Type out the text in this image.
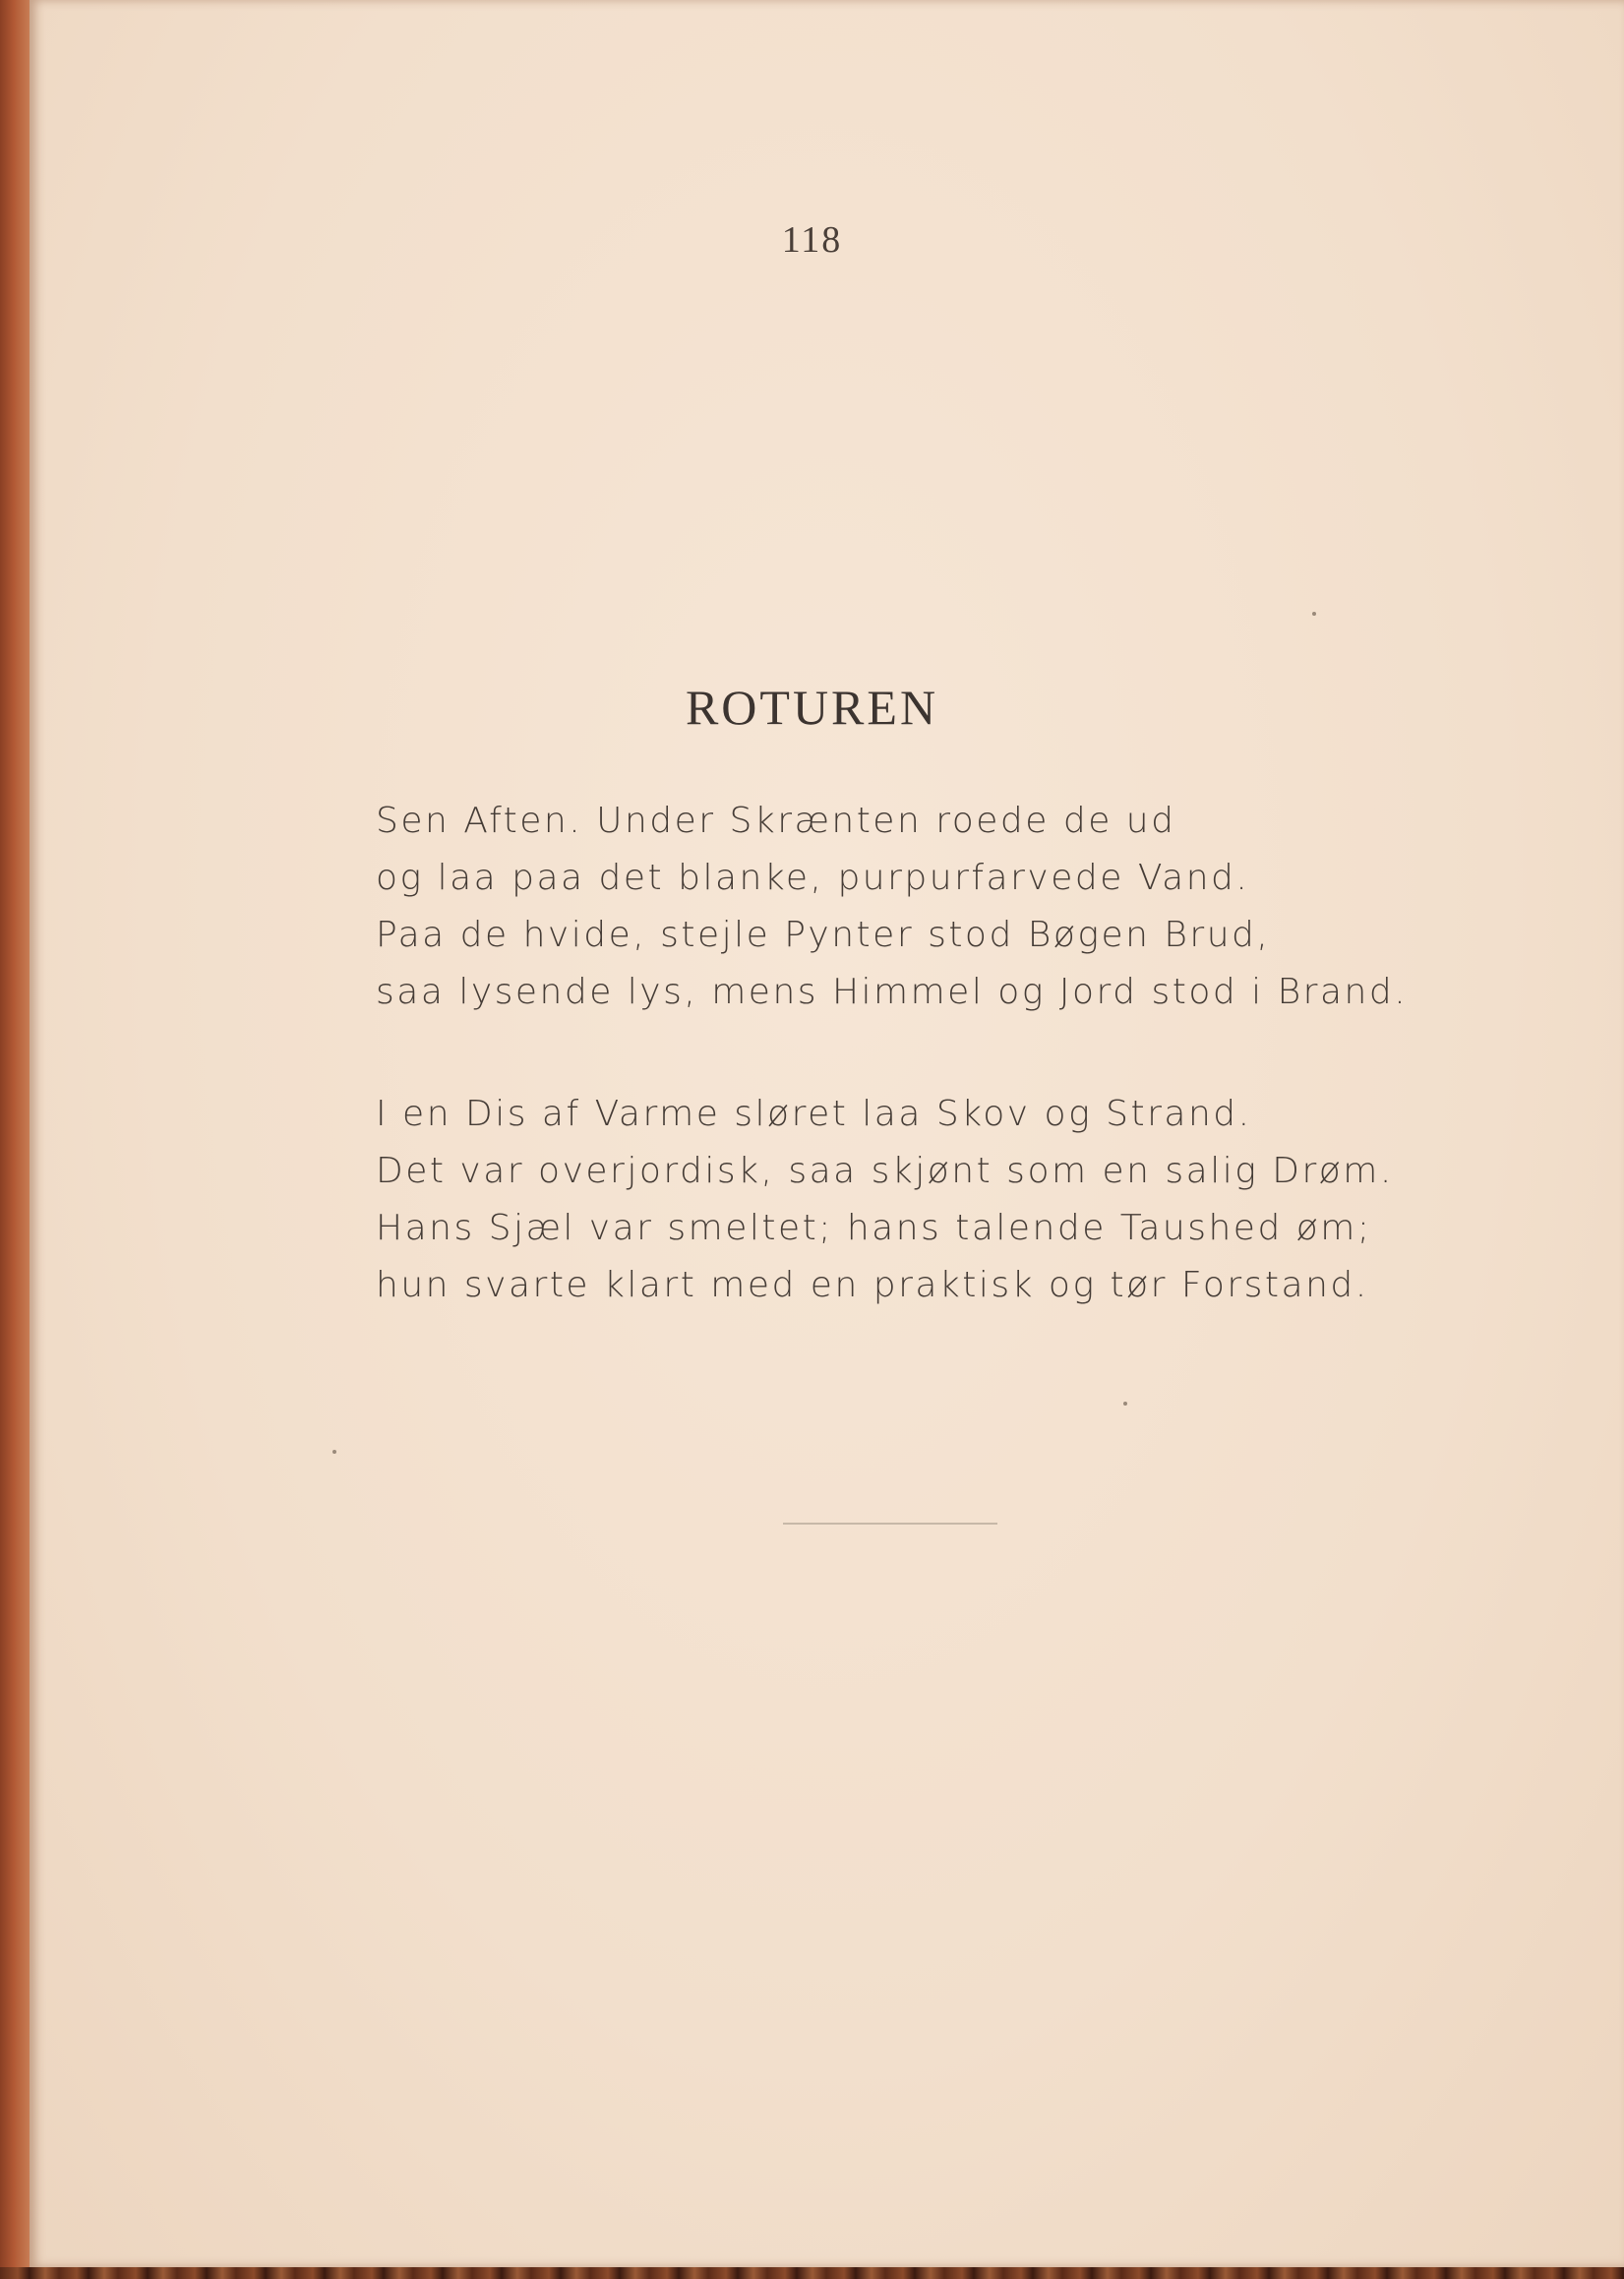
118
ROTUREN
Sen Aften. Under Skrænten roede de ud
og laa paa det blanke, purpurfarvede Vand.
Paa de hvide, stejle Pynter stod Bøgen Brud,
saa lysende lys, mens Himmel og Jord stod i Brand.
I en Dis af Varme sløret laa Skov og Strand.
Det var overjordisk, saa skjønt som en salig Drøm.
Hans Sjæl var smeltet; hans talende Taushed øm;
hun svarte klart med en praktisk og tør Forstand.
